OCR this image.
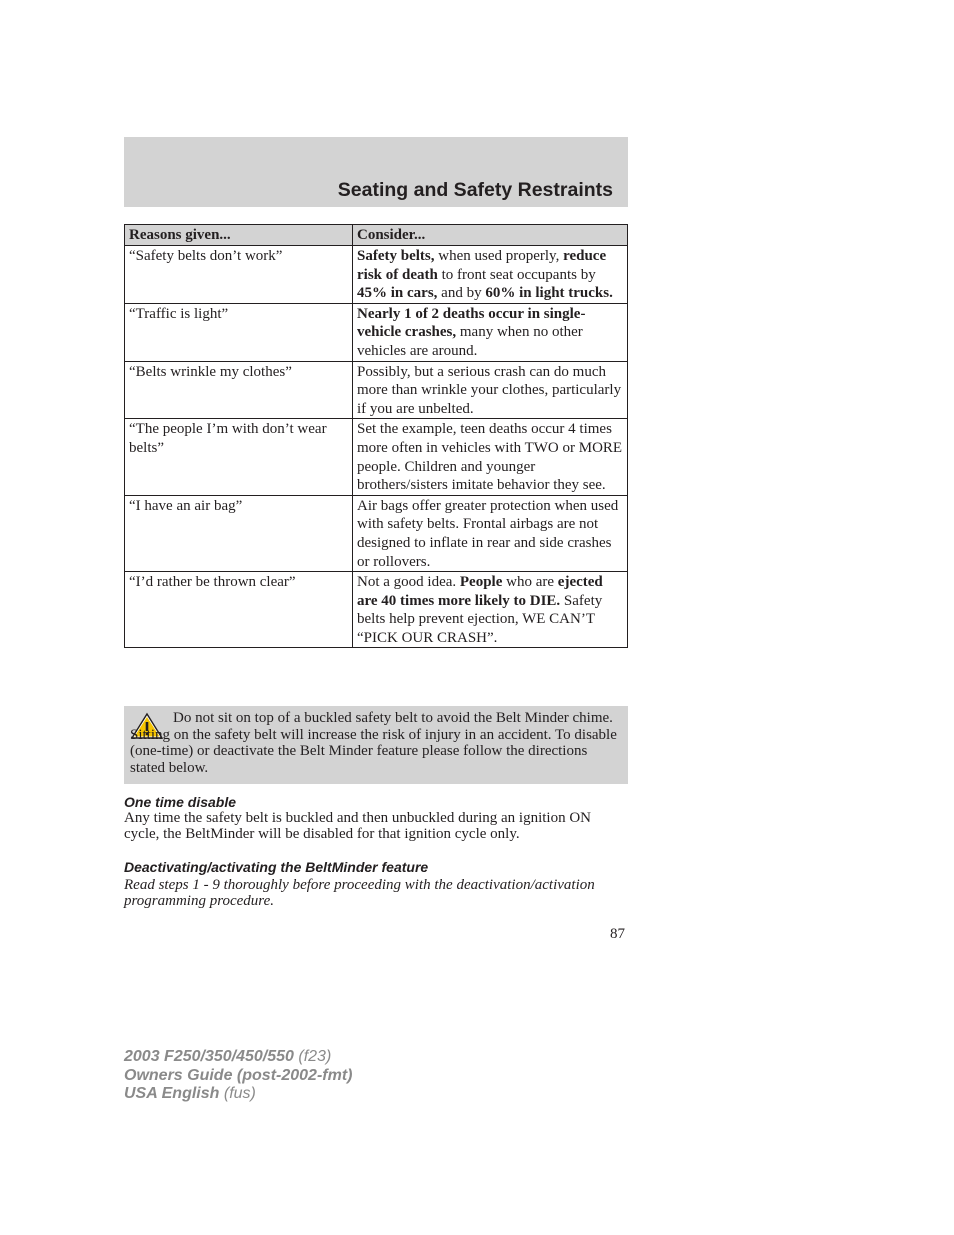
Seating and Safety Restraints
Reasons given...	Consider...
“Safety belts don’t work”	Safety belts, when used properly, reduce risk of death to front seat occupants by 45% in cars, and by 60% in light trucks.
“Traffic is light”	Nearly 1 of 2 deaths occur in single-vehicle crashes, many when no other vehicles are around.
“Belts wrinkle my clothes”	Possibly, but a serious crash can do much more than wrinkle your clothes, particularly if you are unbelted.
“The people I’m with don’t wear belts”	Set the example, teen deaths occur 4 times more often in vehicles with TWO or MORE people. Children and younger brothers/sisters imitate behavior they see.
“I have an air bag”	Air bags offer greater protection when used with safety belts. Frontal airbags are not designed to inflate in rear and side crashes or rollovers.
“I’d rather be thrown clear”	Not a good idea. People who are ejected are 40 times more likely to DIE. Safety belts help prevent ejection, WE CAN’T “PICK OUR CRASH”.
Do not sit on top of a buckled safety belt to avoid the Belt Minder chime. Sitting on the safety belt will increase the risk of injury in an accident. To disable (one-time) or deactivate the Belt Minder feature please follow the directions stated below.
One time disable

Any time the safety belt is buckled and then unbuckled during an ignition ON cycle, the BeltMinder will be disabled for that ignition cycle only.

Deactivating/activating the BeltMinder feature

Read steps 1 - 9 thoroughly before proceeding with the deactivation/activation programming procedure.

87
2003 F250/350/450/550 (f23)
Owners Guide (post-2002-fmt)
USA English (fus)
